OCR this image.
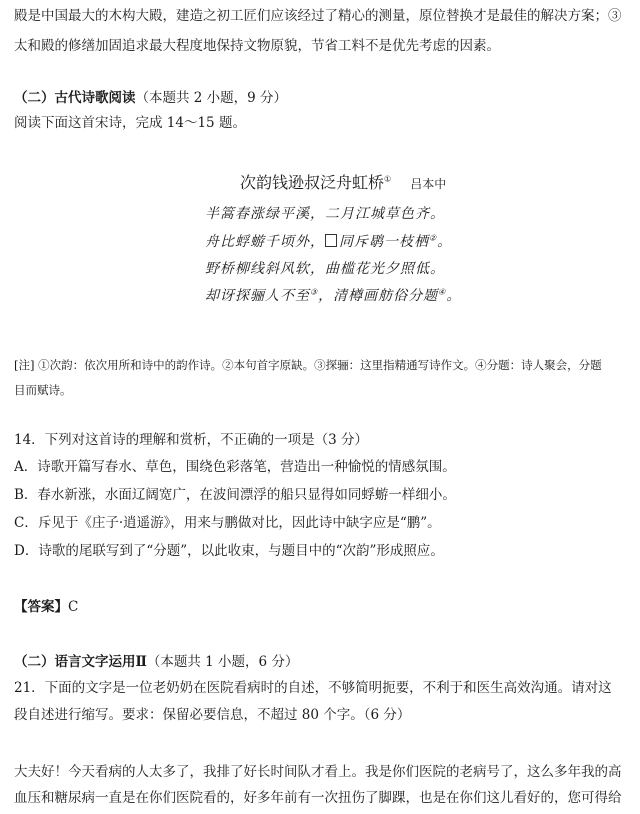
殿是中国最大的木构大殿，建造之初工匠们应该经过了精心的测量，原位替换才是最佳的解决方案；③
太和殿的修缮加固追求最大程度地保持文物原貌，节省工料不是优先考虑的因素。
（二）古代诗歌阅读（本题共 2 小题，9 分）
阅读下面这首宋诗，完成 14～15 题。
次韵钱逊叔泛舟虹桥① 吕本中
半篙春涨绿平溪，二月江城草色齐。
舟比蜉蝣千顷外， 同斥鹖一枝栖②。
野桥柳线斜风软，曲槛花光夕照低。
却讶探骊人不至③，清樽画舫俗分题④。
[注] ①次韵：依次用所和诗中的韵作诗。②本句首字原缺。③探骊：这里指精通写诗作文。④分题：诗人聚会，分题
目而赋诗。
14．下列对这首诗的理解和赏析，不正确的一项是（3 分）
A．诗歌开篇写春水、草色，围绕色彩落笔，营造出一种愉悦的情感氛围。
B．春水新涨，水面辽阔宽广，在波间漂浮的船只显得如同蜉蝣一样细小。
C．斥见于《庄子·逍遥游》，用来与鹏做对比，因此诗中缺字应是“鹏”。
D．诗歌的尾联写到了“分题”，以此收束，与题目中的“次韵”形成照应。
【答案】C
（二）语言文字运用Ⅱ（本题共 1 小题，6 分）
21．下面的文字是一位老奶奶在医院看病时的自述，不够简明扼要，不利于和医生高效沟通。请对这
段自述进行缩写。要求：保留必要信息，不超过 80 个字。（6 分）
大夫好！今天看病的人太多了，我排了好长时间队才看上。我是你们医院的老病号了，这么多年我的高
血压和糖尿病一直是在你们医院看的，好多年前有一次扭伤了脚踝，也是在你们这儿看好的，您可得给
